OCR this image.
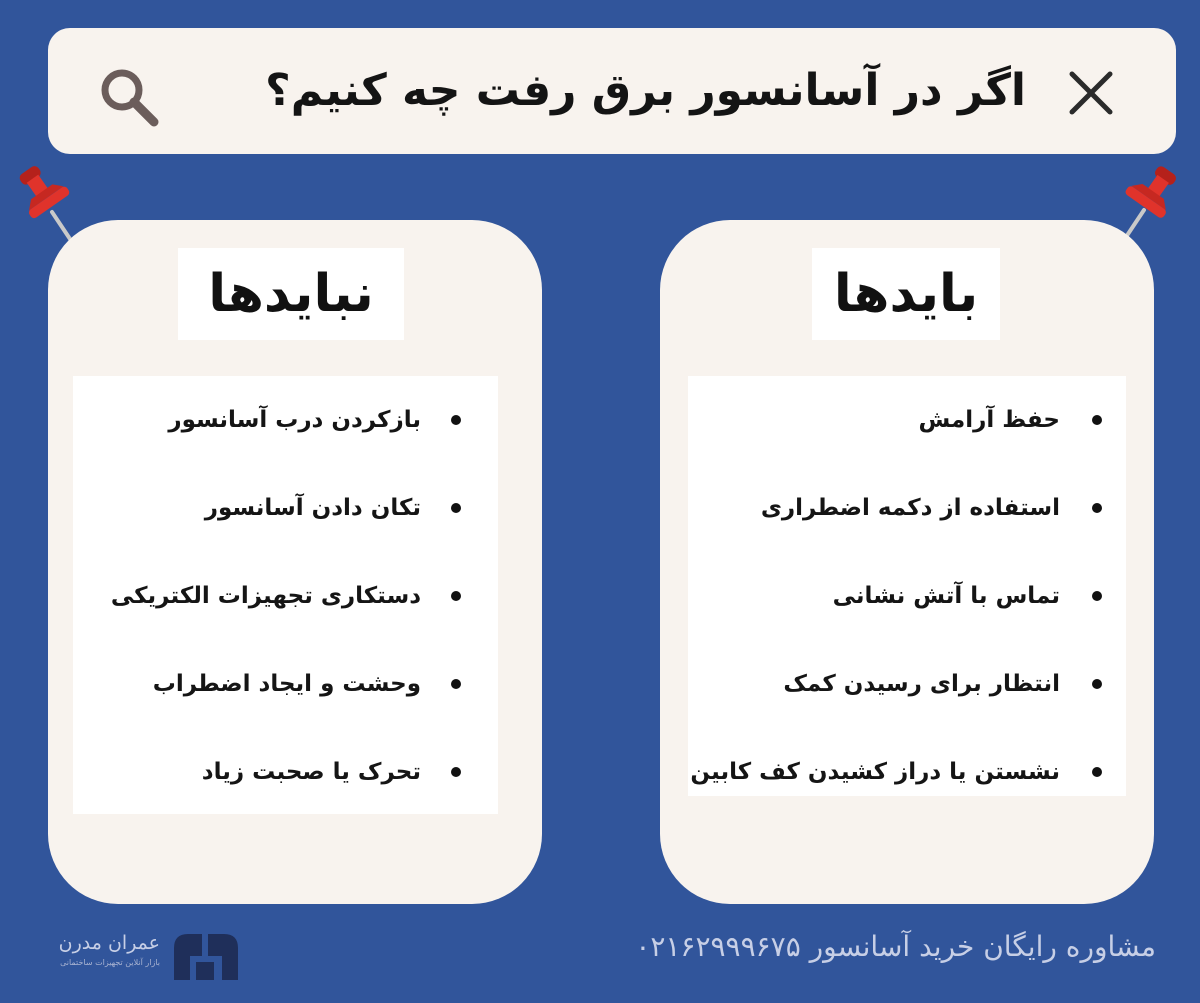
اگر در آسانسور برق رفت چه کنیم؟
نبایدها
بازکردن درب آسانسور
تکان دادن آسانسور
دستکاری تجهیزات الکتریکی
وحشت و ایجاد اضطراب
تحرک یا صحبت زیاد
بایدها
حفظ آرامش
استفاده از دکمه اضطراری
تماس با آتش نشانی
انتظار برای رسیدن کمک
نشستن یا دراز کشیدن کف کابین
عمران مدرن
بازار آنلاین تجهیزات ساختمانی	مشاوره رایگان خرید آسانسور ۰۲۱۶۲۹۹۹۶۷۵
